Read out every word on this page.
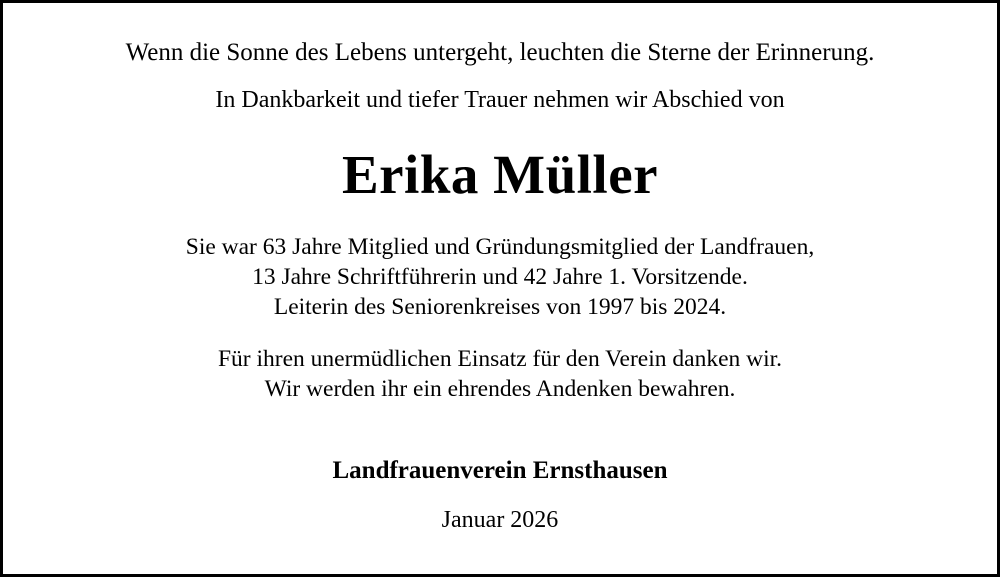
Wenn die Sonne des Lebens untergeht, leuchten die Sterne der Erinnerung.
In Dankbarkeit und tiefer Trauer nehmen wir Abschied von
Erika Müller
Sie war 63 Jahre Mitglied und Gründungsmitglied der Landfrauen,
13 Jahre Schriftführerin und 42 Jahre 1. Vorsitzende.
Leiterin des Seniorenkreises von 1997 bis 2024.
Für ihren unermüdlichen Einsatz für den Verein danken wir.
Wir werden ihr ein ehrendes Andenken bewahren.
Landfrauenverein Ernsthausen
Januar 2026
